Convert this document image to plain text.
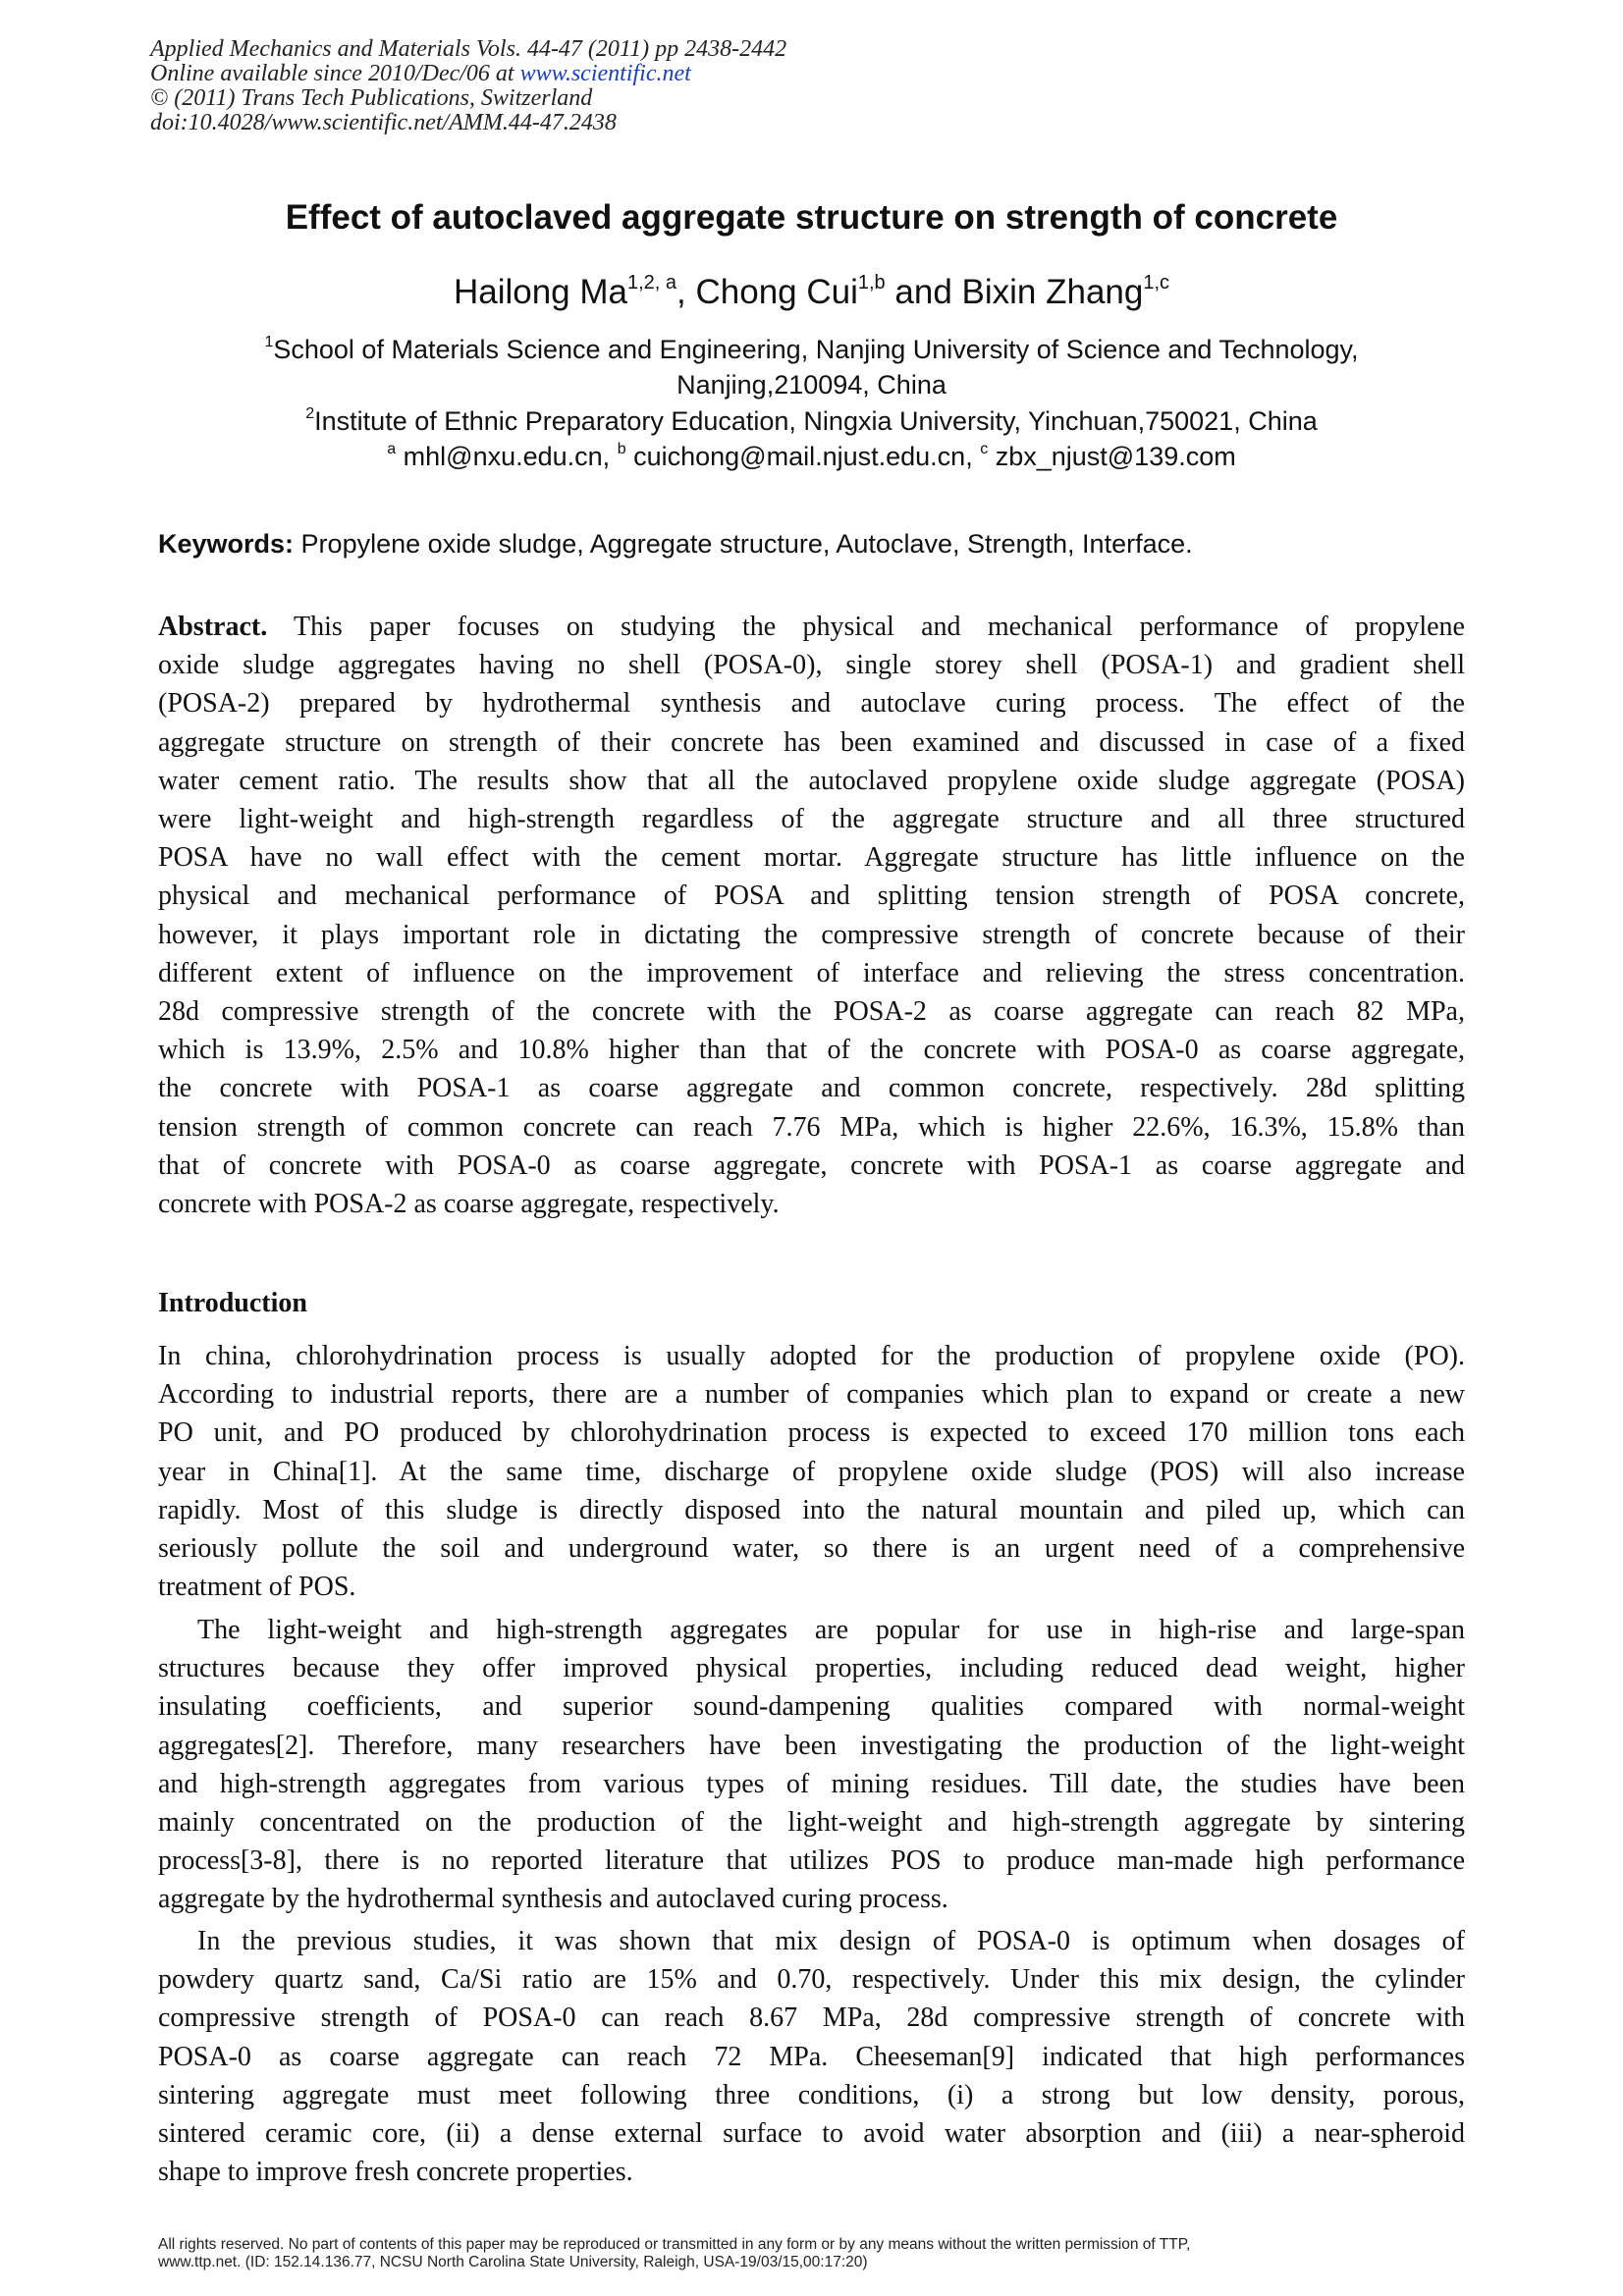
Applied Mechanics and Materials Vols. 44-47 (2011) pp 2438-2442
Online available since 2010/Dec/06 at www.scientific.net
© (2011) Trans Tech Publications, Switzerland
doi:10.4028/www.scientific.net/AMM.44-47.2438
Effect of autoclaved aggregate structure on strength of concrete
Hailong Ma$^{1,2, a}$, Chong Cui$^{1,b}$ and Bixin Zhang$^{1,c}$
$^1$School of Materials Science and Engineering, Nanjing University of Science and Technology,
Nanjing,210094, China
$^2$Institute of Ethnic Preparatory Education, Ningxia University, Yinchuan,750021, China
$^a$ mhl@nxu.edu.cn, $^b$ cuichong@mail.njust.edu.cn, $^c$ zbx_njust@139.com
Keywords: Propylene oxide sludge, Aggregate structure, Autoclave, Strength, Interface.
Abstract. This paper focuses on studying the physical and mechanical performance of propylene
oxide sludge aggregates having no shell (POSA-0), single storey shell (POSA-1) and gradient shell
(POSA-2) prepared by hydrothermal synthesis and autoclave curing process. The effect of the
aggregate structure on strength of their concrete has been examined and discussed in case of a fixed
water cement ratio. The results show that all the autoclaved propylene oxide sludge aggregate (POSA)
were light-weight and high-strength regardless of the aggregate structure and all three structured
POSA have no wall effect with the cement mortar. Aggregate structure has little influence on the
physical and mechanical performance of POSA and splitting tension strength of POSA concrete,
however, it plays important role in dictating the compressive strength of concrete because of their
different extent of influence on the improvement of interface and relieving the stress concentration.
28d compressive strength of the concrete with the POSA-2 as coarse aggregate can reach 82 MPa,
which is 13.9%, 2.5% and 10.8% higher than that of the concrete with POSA-0 as coarse aggregate,
the concrete with POSA-1 as coarse aggregate and common concrete, respectively. 28d splitting
tension strength of common concrete can reach 7.76 MPa, which is higher 22.6%, 16.3%, 15.8% than
that of concrete with POSA-0 as coarse aggregate, concrete with POSA-1 as coarse aggregate and
concrete with POSA-2 as coarse aggregate, respectively.
Introduction
In china, chlorohydrination process is usually adopted for the production of propylene oxide (PO).
According to industrial reports, there are a number of companies which plan to expand or create a new
PO unit, and PO produced by chlorohydrination process is expected to exceed 170 million tons each
year in China[1]. At the same time, discharge of propylene oxide sludge (POS) will also increase
rapidly. Most of this sludge is directly disposed into the natural mountain and piled up, which can
seriously pollute the soil and underground water, so there is an urgent need of a comprehensive
treatment of POS.
The light-weight and high-strength aggregates are popular for use in high-rise and large-span
structures because they offer improved physical properties, including reduced dead weight, higher
insulating coefficients, and superior sound-dampening qualities compared with normal-weight
aggregates[2]. Therefore, many researchers have been investigating the production of the light-weight
and high-strength aggregates from various types of mining residues. Till date, the studies have been
mainly concentrated on the production of the light-weight and high-strength aggregate by sintering
process[3-8], there is no reported literature that utilizes POS to produce man-made high performance
aggregate by the hydrothermal synthesis and autoclaved curing process.
In the previous studies, it was shown that mix design of POSA-0 is optimum when dosages of
powdery quartz sand, Ca/Si ratio are 15% and 0.70, respectively. Under this mix design, the cylinder
compressive strength of POSA-0 can reach 8.67 MPa, 28d compressive strength of concrete with
POSA-0 as coarse aggregate can reach 72 MPa. Cheeseman[9] indicated that high performances
sintering aggregate must meet following three conditions, (i) a strong but low density, porous,
sintered ceramic core, (ii) a dense external surface to avoid water absorption and (iii) a near-spheroid
shape to improve fresh concrete properties.
All rights reserved. No part of contents of this paper may be reproduced or transmitted in any form or by any means without the written permission of TTP,
www.ttp.net. (ID: 152.14.136.77, NCSU North Carolina State University, Raleigh, USA-19/03/15,00:17:20)
